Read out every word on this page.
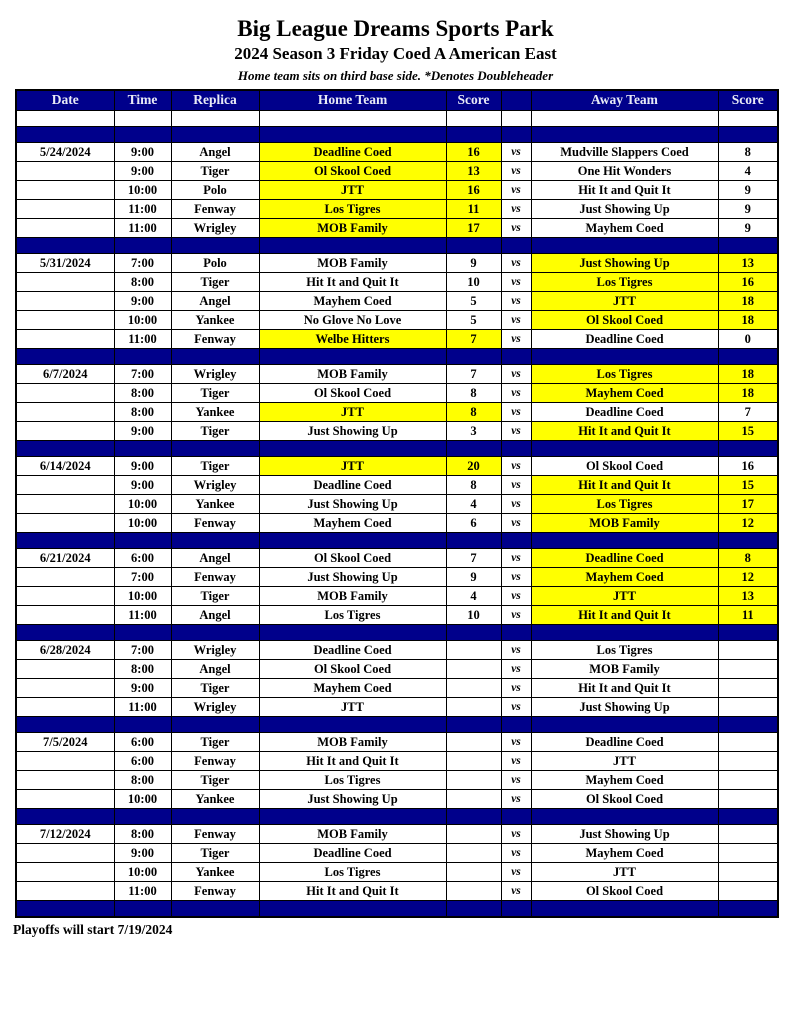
Big League Dreams Sports Park
2024 Season 3 Friday Coed A American East
Home team sits on third base side. *Denotes Doubleheader
Date	Time	Replica	Home Team	Score		Away Team	Score

5/24/2024	9:00	Angel	Deadline Coed	16	vs	Mudville Slappers Coed	8
	9:00	Tiger	Ol Skool Coed	13	vs	One Hit Wonders	4
	10:00	Polo	JTT	16	vs	Hit It and Quit It	9
	11:00	Fenway	Los Tigres	11	vs	Just Showing Up	9
	11:00	Wrigley	MOB Family	17	vs	Mayhem Coed	9

5/31/2024	7:00	Polo	MOB Family	9	vs	Just Showing Up	13
	8:00	Tiger	Hit It and Quit It	10	vs	Los Tigres	16
	9:00	Angel	Mayhem Coed	5	vs	JTT	18
	10:00	Yankee	No Glove No Love	5	vs	Ol Skool Coed	18
	11:00	Fenway	Welbe Hitters	7	vs	Deadline Coed	0

6/7/2024	7:00	Wrigley	MOB Family	7	vs	Los Tigres	18
	8:00	Tiger	Ol Skool Coed	8	vs	Mayhem Coed	18
	8:00	Yankee	JTT	8	vs	Deadline Coed	7
	9:00	Tiger	Just Showing Up	3	vs	Hit It and Quit It	15

6/14/2024	9:00	Tiger	JTT	20	vs	Ol Skool Coed	16
	9:00	Wrigley	Deadline Coed	8	vs	Hit It and Quit It	15
	10:00	Yankee	Just Showing Up	4	vs	Los Tigres	17
	10:00	Fenway	Mayhem Coed	6	vs	MOB Family	12

6/21/2024	6:00	Angel	Ol Skool Coed	7	vs	Deadline Coed	8
	7:00	Fenway	Just Showing Up	9	vs	Mayhem Coed	12
	10:00	Tiger	MOB Family	4	vs	JTT	13
	11:00	Angel	Los Tigres	10	vs	Hit It and Quit It	11

6/28/2024	7:00	Wrigley	Deadline Coed		vs	Los Tigres	
	8:00	Angel	Ol Skool Coed		vs	MOB Family	
	9:00	Tiger	Mayhem Coed		vs	Hit It and Quit It	
	11:00	Wrigley	JTT		vs	Just Showing Up	

7/5/2024	6:00	Tiger	MOB Family		vs	Deadline Coed	
	6:00	Fenway	Hit It and Quit It		vs	JTT	
	8:00	Tiger	Los Tigres		vs	Mayhem Coed	
	10:00	Yankee	Just Showing Up		vs	Ol Skool Coed	

7/12/2024	8:00	Fenway	MOB Family		vs	Just Showing Up	
	9:00	Tiger	Deadline Coed		vs	Mayhem Coed	
	10:00	Yankee	Los Tigres		vs	JTT	
	11:00	Fenway	Hit It and Quit It		vs	Ol Skool Coed	

Playoffs will start 7/19/2024
